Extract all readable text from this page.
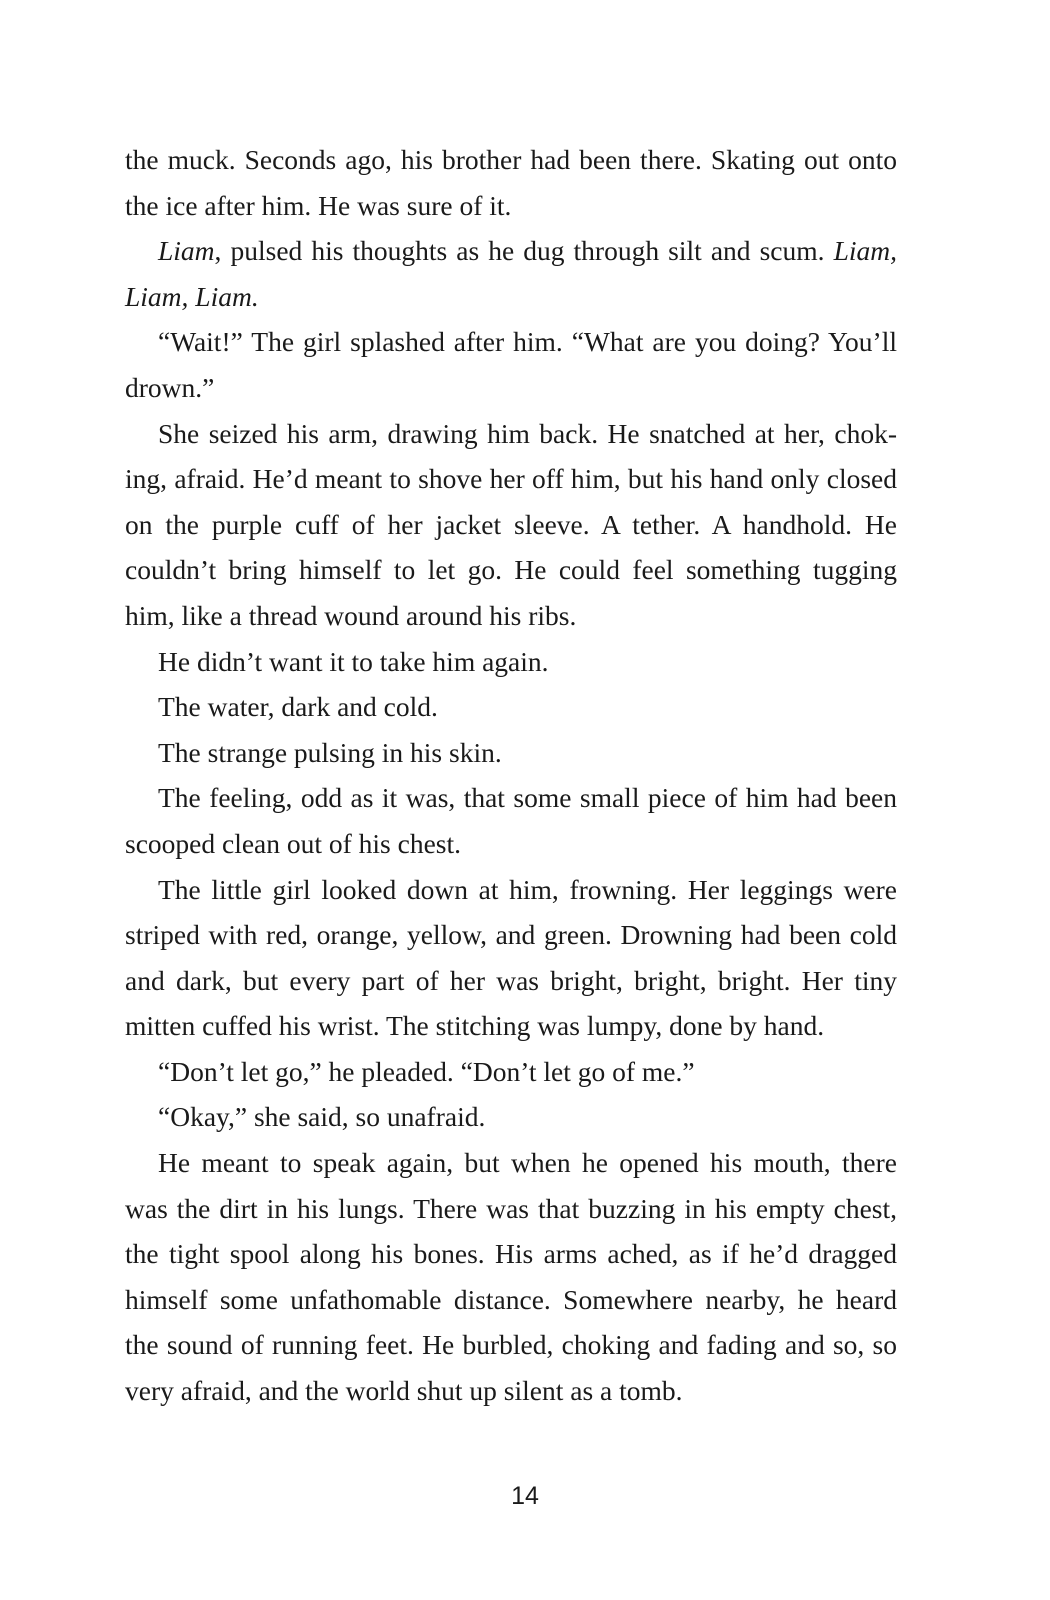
the muck. Seconds ago, his brother had been there. Skating out onto the ice after him. He was sure of it.

Liam, pulsed his thoughts as he dug through silt and scum. Liam, Liam, Liam.

“Wait!” The girl splashed after him. “What are you doing? You’ll drown.”

She seized his arm, drawing him back. He snatched at her, choking, afraid. He’d meant to shove her off him, but his hand only closed on the purple cuff of her jacket sleeve. A tether. A handhold. He couldn’t bring himself to let go. He could feel something tugging him, like a thread wound around his ribs.

He didn’t want it to take him again.

The water, dark and cold.

The strange pulsing in his skin.

The feeling, odd as it was, that some small piece of him had been scooped clean out of his chest.

The little girl looked down at him, frowning. Her leggings were striped with red, orange, yellow, and green. Drowning had been cold and dark, but every part of her was bright, bright, bright. Her tiny mitten cuffed his wrist. The stitching was lumpy, done by hand.

“Don’t let go,” he pleaded. “Don’t let go of me.”

“Okay,” she said, so unafraid.

He meant to speak again, but when he opened his mouth, there was the dirt in his lungs. There was that buzzing in his empty chest, the tight spool along his bones. His arms ached, as if he’d dragged himself some unfathomable distance. Somewhere nearby, he heard the sound of running feet. He burbled, choking and fading and so, so very afraid, and the world shut up silent as a tomb.

14
